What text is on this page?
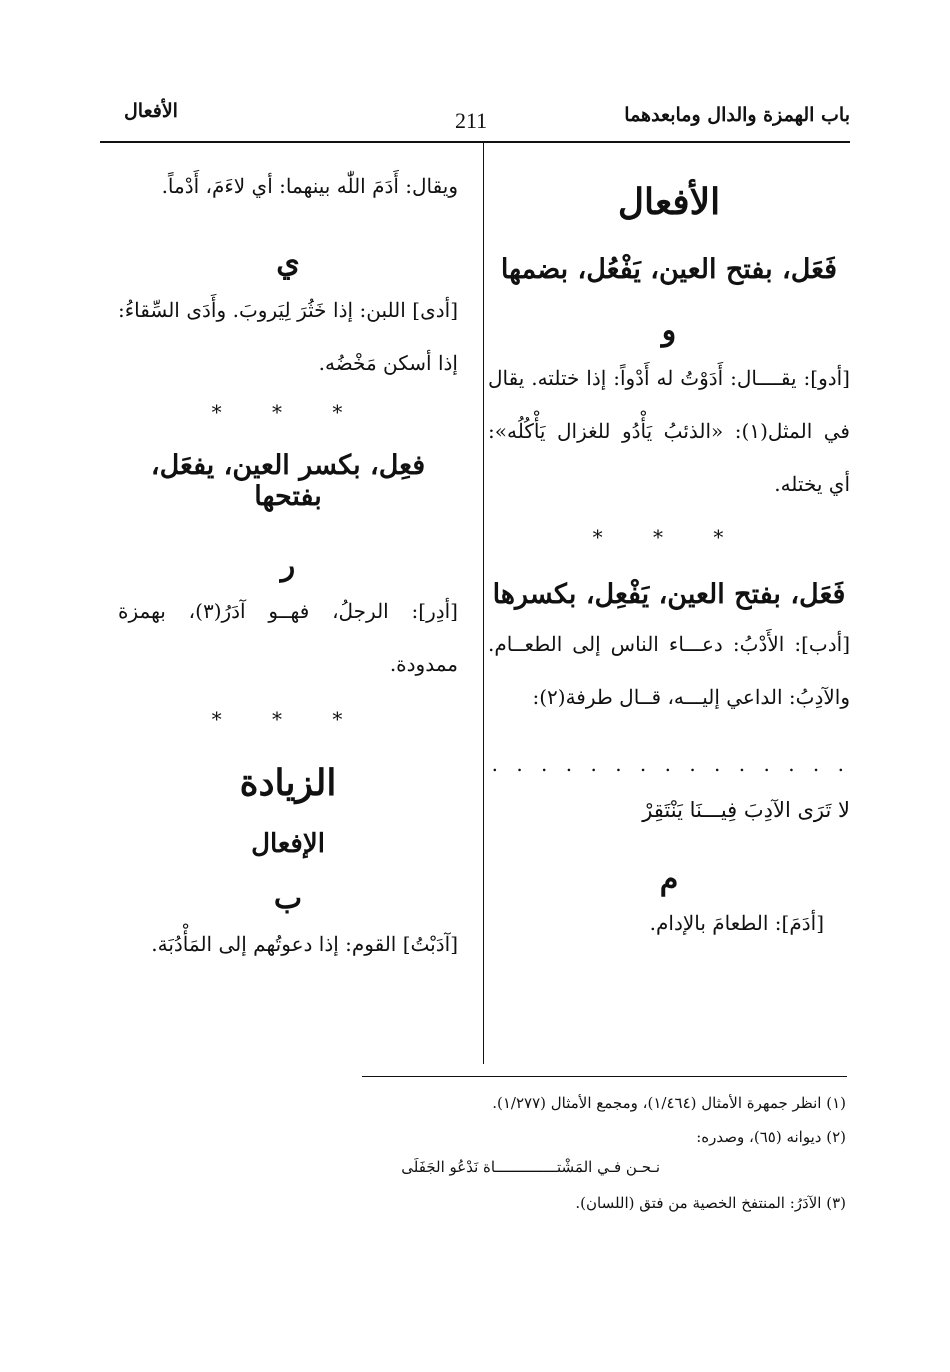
باب الهمزة والدال ومابعدهما
211
الأفعال
الأفعال
فَعَل، بفتح العين، يَفْعُل، بضمها
و
[أدو]: يقــــال: أَدَوْتُ له أَدْواً: إذا ختلته. يقال في المثل(١): «الذئبُ يَأْدُو للغزال يَأْكُلُه»: أي يختله.
* * *
فَعَل، بفتح العين، يَفْعِل، بكسرها
[أدب]: الأَدْبُ: دعـــاء الناس إلى الطعــام. والآدِبُ: الداعي إليـــه، قــال طرفة(٢):
. . . . . . . . . . . . . . .
لا تَرَى الآدِبَ فِيـــنَا يَنْتَقِرْ
م
[أدَمَ]: الطعامَ بالإدام.
ويقال: أَدَمَ اللّٰه بينهما: أي لاءَمَ، أَدْماً.
ي
[أدى] اللبن: إذا خَثُرَ لِيَروبَ. وأَدَى السِّقاءُ: إذا أسكن مَخْضُه.
* * *
فعِل، بكسر العين، يفعَل، بفتحها
ر
[أدِر]: الرجلُ، فهــو آدَرُ(٣)، بهمزة ممدودة.
* * *
الزيادة
الإفعال
ب
[آدَبْتُ] القوم: إذا دعوتُهم إلى المَأْدُبَة.
(١) انظر جمهرة الأمثال (١/٤٦٤)، ومجمع الأمثال (١/٢٧٧).
(٢) ديوانه (٦٥)، وصدره:
نـحـن فـي المَشْتــــــــــــــاة نَدْعُو الجَفَلَى
(٣) الآدَرُ: المنتفخ الخصية من فتق (اللسان).
